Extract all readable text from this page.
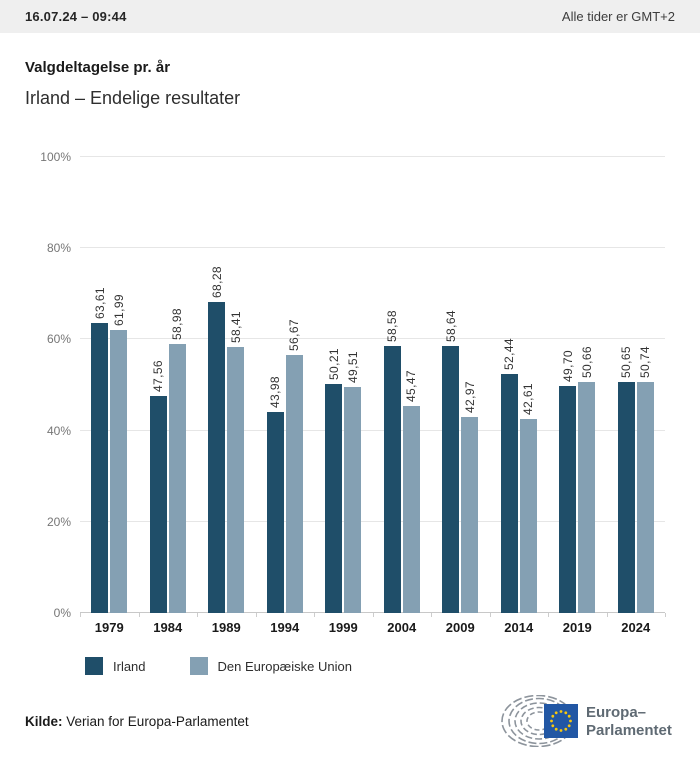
16.07.24 – 09:44	Alle tider er GMT+2
Valgdeltagelse pr. år
Irland – Endelige resultater
0%
20%
40%
60%
80%
100%
63,61 61,99
47,56
58,98
68,28
58,41
43,98
56,67
50,21 49,51
58,58
45,47
58,64
42,97
52,44
42,61
49,70 50,66 50,65 50,74
1979	1984	1989	1994	1999	2004	2009	2014	2019	2024
Irland	Den Europæiske Union
Kilde: Verian for Europa-Parlamentet	Europa–
Parlamentet
